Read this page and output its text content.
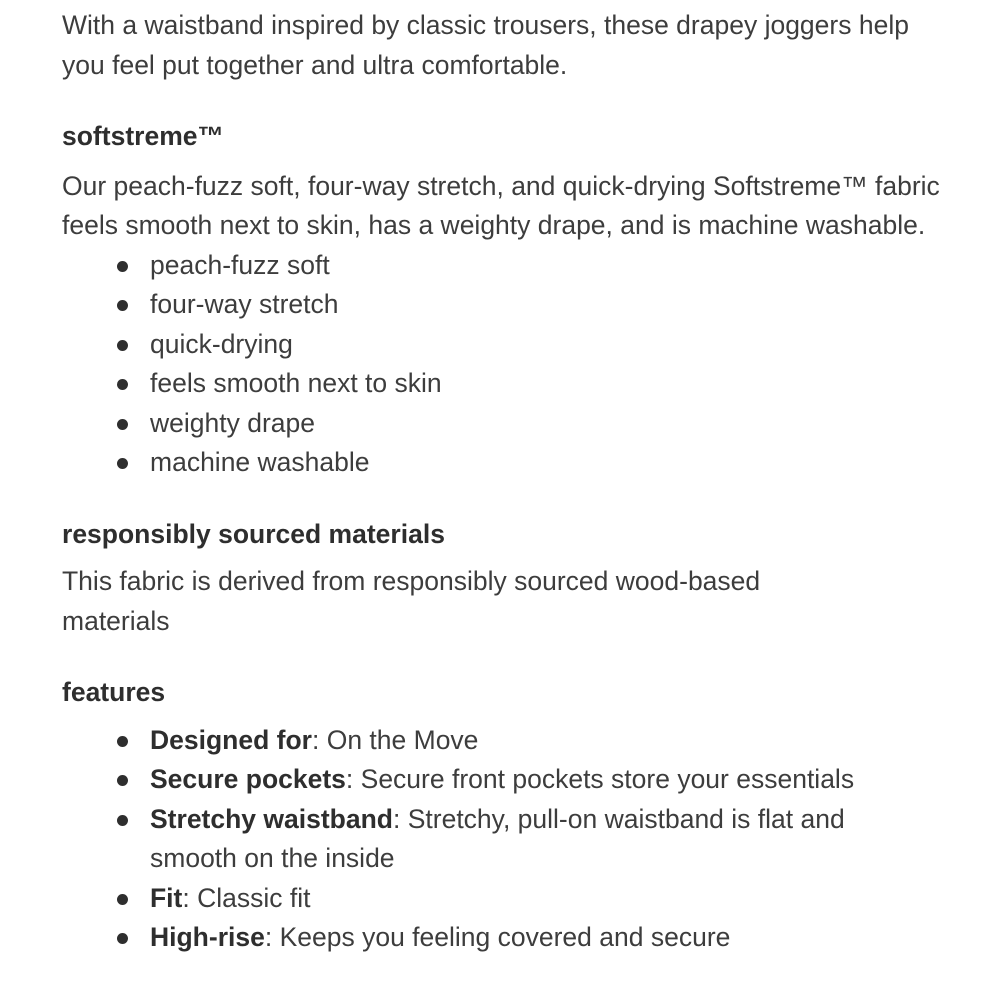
With a waistband inspired by classic trousers, these drapey joggers help you feel put together and ultra comfortable.

softstreme™

Our peach-fuzz soft, four-way stretch, and quick-drying Softstreme™ fabric feels smooth next to skin, has a weighty drape, and is machine washable.

peach-fuzz soft
four-way stretch
quick-drying
feels smooth next to skin
weighty drape
machine washable
responsibly sourced materials

This fabric is derived from responsibly sourced wood-based materials

features
Designed for: On the Move
Secure pockets: Secure front pockets store your essentials
Stretchy waistband: Stretchy, pull-on waistband is flat and smooth on the inside
Fit: Classic fit
High-rise: Keeps you feeling covered and secure
